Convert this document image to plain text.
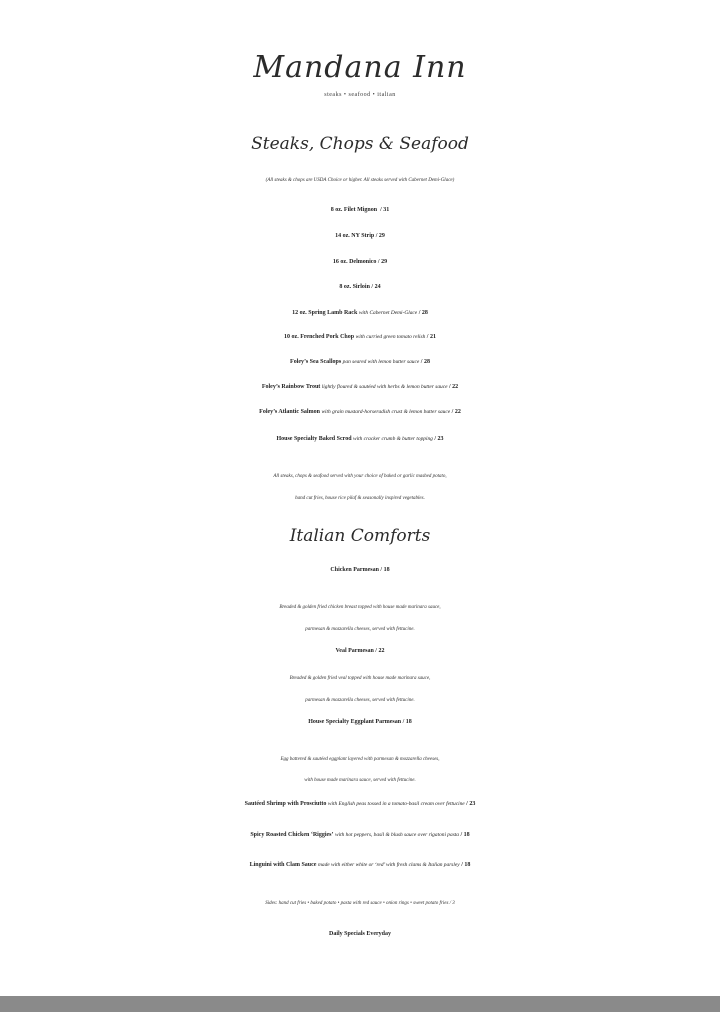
Mandana Inn
steaks • seafood • italian
Steaks, Chops & Seafood
(All steaks & chops are USDA Choice or higher. All steaks served with Cabernet Demi-Glace)
8 oz. Filet Mignon / 31
14 oz. NY Strip / 29
16 oz. Delmonico / 29
8 oz. Sirloin / 24
12 oz. Spring Lamb Rack with Cabernet Demi-Glace / 28
10 oz. Frenched Pork Chop with curried green tomato relish / 21
Foley’s Sea Scallops pan seared with lemon butter sauce / 28
Foley’s Rainbow Trout lightly floured & sautéed with herbs & lemon butter sauce / 22
Foley’s Atlantic Salmon with grain mustard-horseradish crust & lemon butter sauce / 22
House Specialty Baked Scrod with cracker crumb & butter topping / 23
All steaks, chops & seafood served with your choice of baked or garlic mashed potato,
hand cut fries, house rice pilaf & seasonally inspired vegetables.
Italian Comforts
Chicken Parmesan / 18
Breaded & golden fried chicken breast topped with house made marinara sauce,
parmesan & mozzarella cheeses, served with fettucine.
Veal Parmesan / 22
Breaded & golden fried veal topped with house made marinara sauce,
parmesan & mozzarella cheeses, served with fettucine.
House Specialty Eggplant Parmesan / 18
Egg battered & sautéed eggplant layered with parmesan & mozzarella cheeses,
with house made marinara sauce, served with fettucine.
Sautéed Shrimp with Prosciutto with English peas tossed in a tomato-basil cream over fettucine / 23
Spicy Roasted Chicken ‘Riggies’ with hot peppers, basil & blush sauce over rigatoni pasta / 18
Linguini with Clam Sauce made with either white or ‘red’ with fresh clams & Italian parsley / 18
Sides: hand cut fries • baked potato • pasta with red sauce • onion rings • sweet potato fries / 3
Daily Specials Everyday
